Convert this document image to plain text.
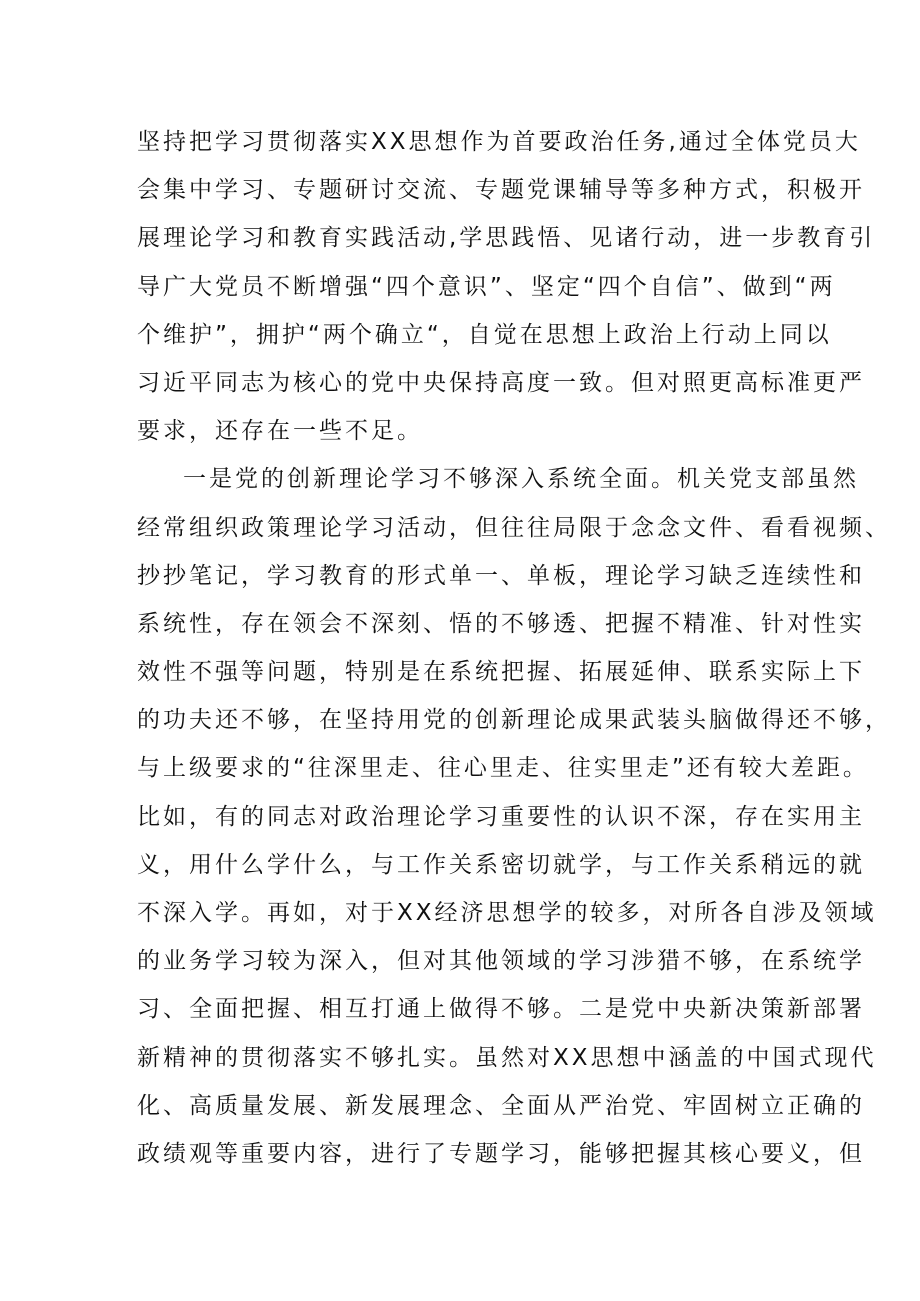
坚持把学习贯彻落实XX思想作为首要政治任务,通过全体党员大
会集中学习、专题研讨交流、专题党课辅导等多种方式，积极开
展理论学习和教育实践活动,学思践悟、见诸行动，进一步教育引
导广大党员不断增强“四个意识”、坚定“四个自信”、做到“两
个维护”，拥护“两个确立“，自觉在思想上政治上行动上同以
习近平同志为核心的党中央保持高度一致。但对照更高标准更严
要求，还存在一些不足。
一是党的创新理论学习不够深入系统全面。机关党支部虽然
经常组织政策理论学习活动，但往往局限于念念文件、看看视频、
抄抄笔记，学习教育的形式单一、单板，理论学习缺乏连续性和
系统性，存在领会不深刻、悟的不够透、把握不精准、针对性实
效性不强等问题，特别是在系统把握、拓展延伸、联系实际上下
的功夫还不够，在坚持用党的创新理论成果武装头脑做得还不够，
与上级要求的“往深里走、往心里走、往实里走”还有较大差距。
比如，有的同志对政治理论学习重要性的认识不深，存在实用主
义，用什么学什么，与工作关系密切就学，与工作关系稍远的就
不深入学。再如，对于XX经济思想学的较多，对所各自涉及领域
的业务学习较为深入，但对其他领域的学习涉猎不够，在系统学
习、全面把握、相互打通上做得不够。二是党中央新决策新部署
新精神的贯彻落实不够扎实。虽然对XX思想中涵盖的中国式现代
化、高质量发展、新发展理念、全面从严治党、牢固树立正确的
政绩观等重要内容，进行了专题学习，能够把握其核心要义，但
